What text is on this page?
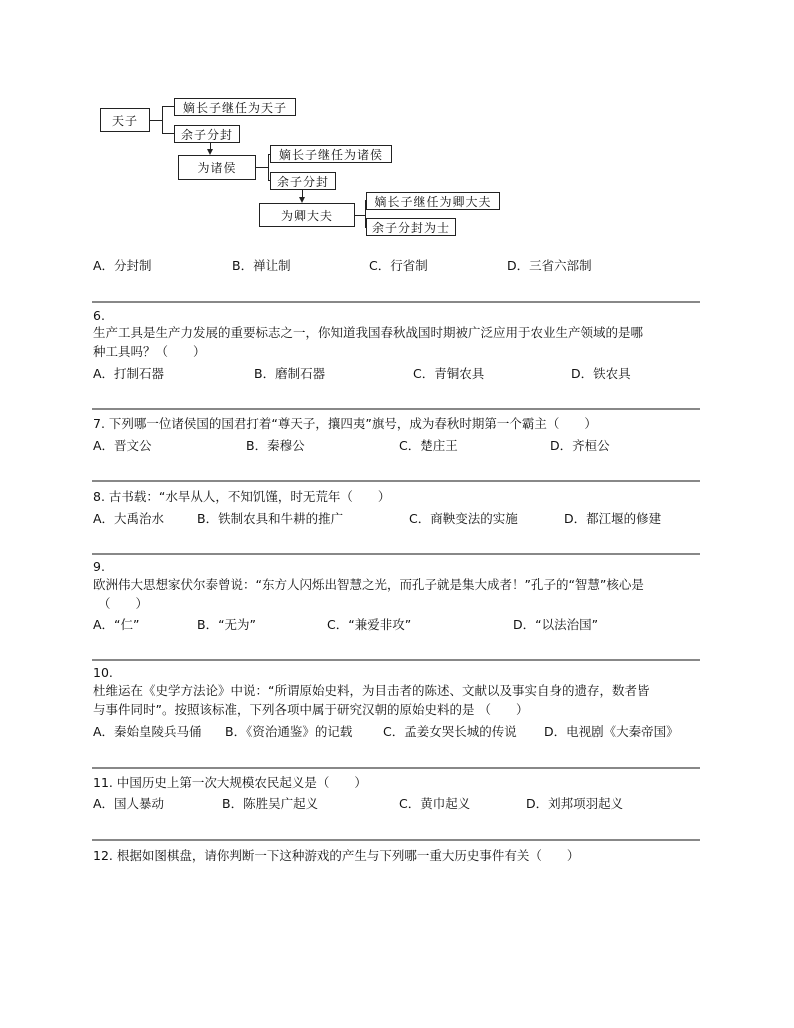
天子
嫡长子继任为天子
余子分封
为诸侯
嫡长子继任为诸侯
余子分封
为卿大夫
嫡长子继任为卿大夫
余子分封为士
A．分封制	B．禅让制	C．行省制	D．三省六部制
6.
生产工具是生产力发展的重要标志之一，你知道我国春秋战国时期被广泛应用于农业生产领域的是哪
种工具吗？（　　）
A．打制石器	B．磨制石器	C．青铜农具	D．铁农具
7. 下列哪一位诸侯国的国君打着“尊天子，攘四夷”旗号，成为春秋时期第一个霸主（　　）
A．晋文公	B．秦穆公	C．楚庄王	D．齐桓公
8. 古书载：“水旱从人，不知饥馑，时无荒年（　　）
A．大禹治水	B．铁制农具和牛耕的推广	C．商鞅变法的实施	D．都江堰的修建
9.
欧洲伟大思想家伏尔泰曾说：“东方人闪烁出智慧之光，而孔子就是集大成者！”孔子的“智慧”核心是
（　　）
A．“仁”	B．“无为”	C．“兼爱非攻”	D．“以法治国”
10.
杜维运在《史学方法论》中说：“所谓原始史料，为目击者的陈述、文献以及事实自身的遗存，数者皆
与事件同时”。按照该标准，下列各项中属于研究汉朝的原始史料的是 （　　）
A．秦始皇陵兵马俑 B．《资治通鉴》的记载 C．孟姜女哭长城的传说 D．电视剧《大秦帝国》
11. 中国历史上第一次大规模农民起义是（　　）
A．国人暴动	B．陈胜吴广起义	C．黄巾起义	D．刘邦项羽起义
12. 根据如图棋盘，请你判断一下这种游戏的产生与下列哪一重大历史事件有关（　　）
